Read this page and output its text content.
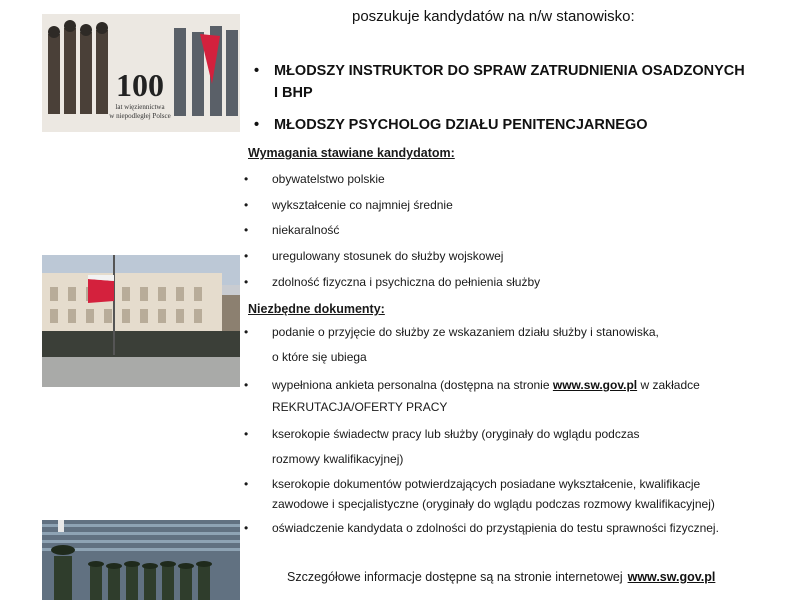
100
lat więziennictwa
w niepodległej Polsce
poszukuje kandydatów na n/w stanowisko:
• MŁODSZY INSTRUKTOR DO SPRAW ZATRUDNIENIA OSADZONYCH
I BHP
• MŁODSZY PSYCHOLOG DZIAŁU PENITENCJARNEGO
Wymagania stawiane kandydatom:
• obywatelstwo polskie
• wykształcenie co najmniej średnie
• niekaralność
• uregulowany stosunek do służby wojskowej
• zdolność fizyczna i psychiczna do pełnienia służby
Niezbędne dokumenty:
• podanie o przyjęcie do służby ze wskazaniem działu służby i stanowiska,
o które się ubiega
• wypełniona ankieta personalna (dostępna na stronie www.sw.gov.pl w zakładce
REKRUTACJA/OFERTY PRACY
• kserokopie świadectw pracy lub służby (oryginały do wglądu podczas
rozmowy kwalifikacyjnej)
• kserokopie dokumentów potwierdzających posiadane wykształcenie, kwalifikacje
zawodowe i specjalistyczne (oryginały do wglądu podczas rozmowy kwalifikacyjnej)
• oświadczenie kandydata o zdolności do przystąpienia do testu sprawności fizycznej.
Szczegółowe informacje dostępne są na stronie internetowej www.sw.gov.pl
